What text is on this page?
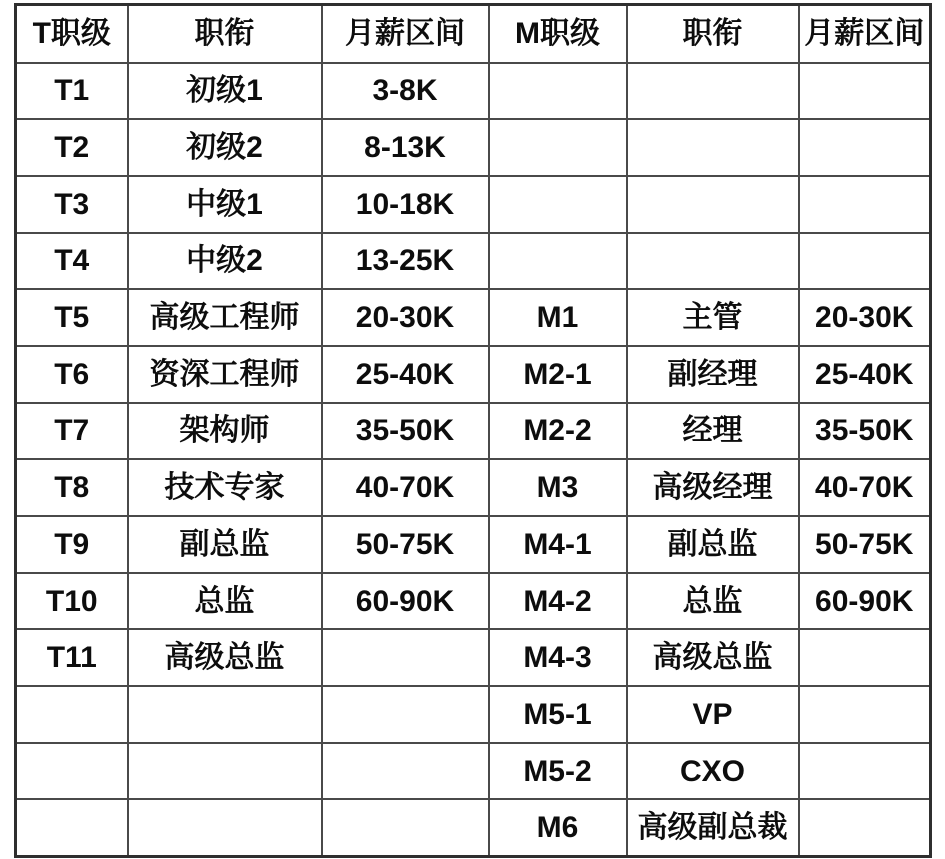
T职级	职衔	月薪区间	M职级	职衔	月薪区间
T1	初级1	3-8K			
T2	初级2	8-13K			
T3	中级1	10-18K			
T4	中级2	13-25K			
T5	高级工程师	20-30K	M1	主管	20-30K
T6	资深工程师	25-40K	M2-1	副经理	25-40K
T7	架构师	35-50K	M2-2	经理	35-50K
T8	技术专家	40-70K	M3	高级经理	40-70K
T9	副总监	50-75K	M4-1	副总监	50-75K
T10	总监	60-90K	M4-2	总监	60-90K
T11	高级总监		M4-3	高级总监	
			M5-1	VP	
			M5-2	CXO	
			M6	高级副总裁	
